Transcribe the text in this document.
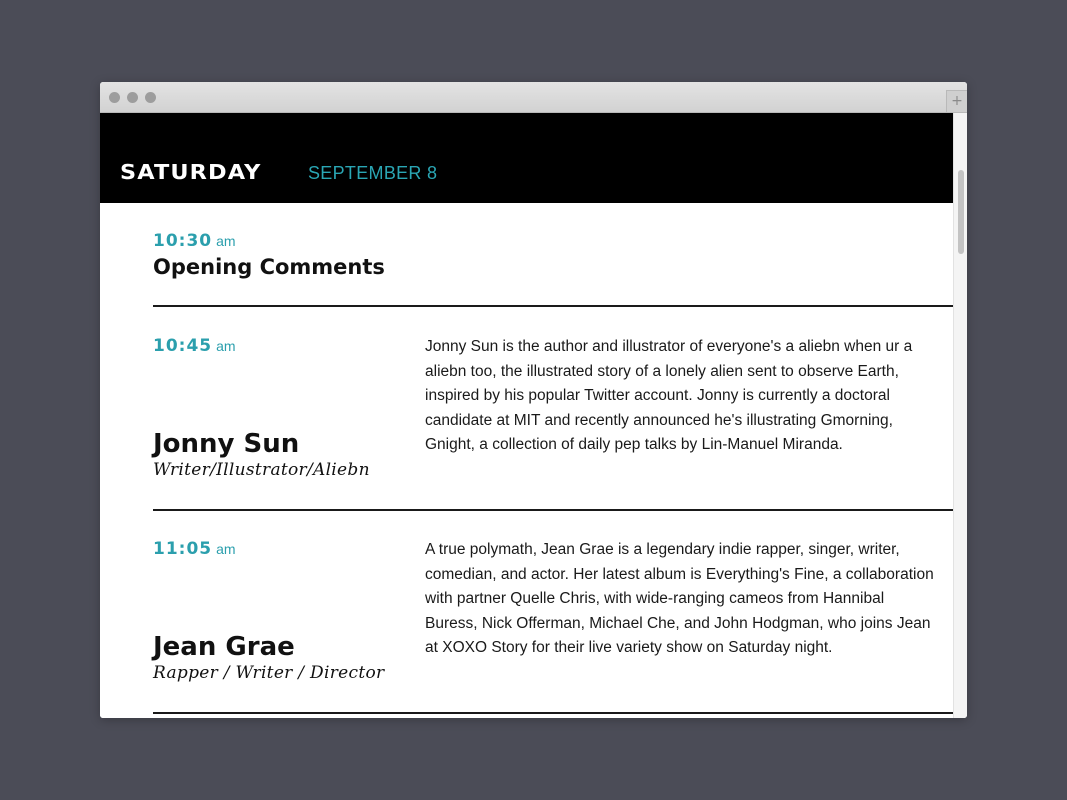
+
SATURDAY	SEPTEMBER 8
10:30 am
Opening Comments
10:45 am
Jonny Sun
Writer/Illustrator/Aliebn
Jonny Sun is the author and illustrator of everyone's a aliebn when ur a aliebn too, the illustrated story of a lonely alien sent to observe Earth, inspired by his popular Twitter account. Jonny is currently a doctoral candidate at MIT and recently announced he's illustrating Gmorning, Gnight, a collection of daily pep talks by Lin-Manuel Miranda.
11:05 am
Jean Grae
Rapper / Writer / Director
A true polymath, Jean Grae is a legendary indie rapper, singer, writer, comedian, and actor. Her latest album is Everything's Fine, a collaboration with partner Quelle Chris, with wide-ranging cameos from Hannibal Buress, Nick Offerman, Michael Che, and John Hodgman, who joins Jean at XOXO Story for their live variety show on Saturday night.
